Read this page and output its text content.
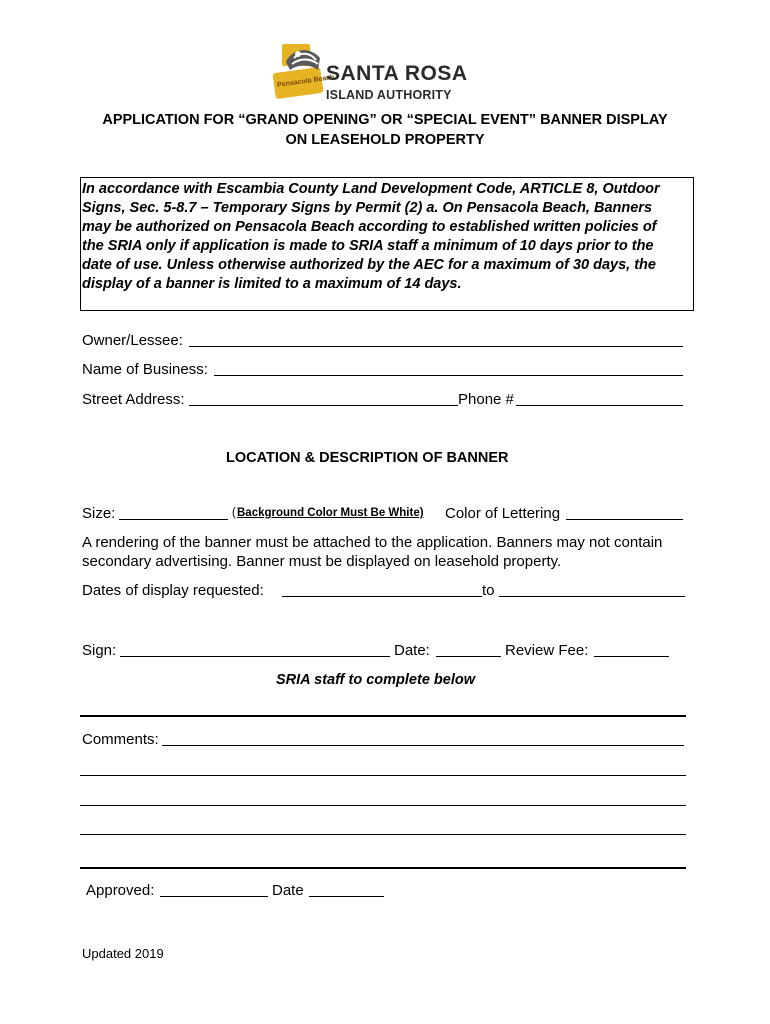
Pensacola Beach
SANTA ROSA
ISLAND AUTHORITY
APPLICATION FOR “GRAND OPENING” OR “SPECIAL EVENT” BANNER DISPLAY
ON LEASEHOLD PROPERTY
In accordance with Escambia County Land Development Code, ARTICLE 8, Outdoor
Signs, Sec. 5-8.7 – Temporary Signs by Permit (2) a. On Pensacola Beach, Banners
may be authorized on Pensacola Beach according to established written policies of
the SRIA only if application is made to SRIA staff a minimum of 10 days prior to the
date of use. Unless otherwise authorized by the AEC for a maximum of 30 days, the
display of a banner is limited to a maximum of 14 days.
Owner/Lessee:
Name of Business:
Street Address:	Phone #
LOCATION & DESCRIPTION OF BANNER
Size:	( Background Color Must Be White) Color of Lettering
A rendering of the banner must be attached to the application. Banners may not contain
secondary advertising. Banner must be displayed on leasehold property.
Dates of display requested:	to
Sign:	Date:	Review Fee:
SRIA staff to complete below
Comments:
Approved:	Date
Updated 2019
